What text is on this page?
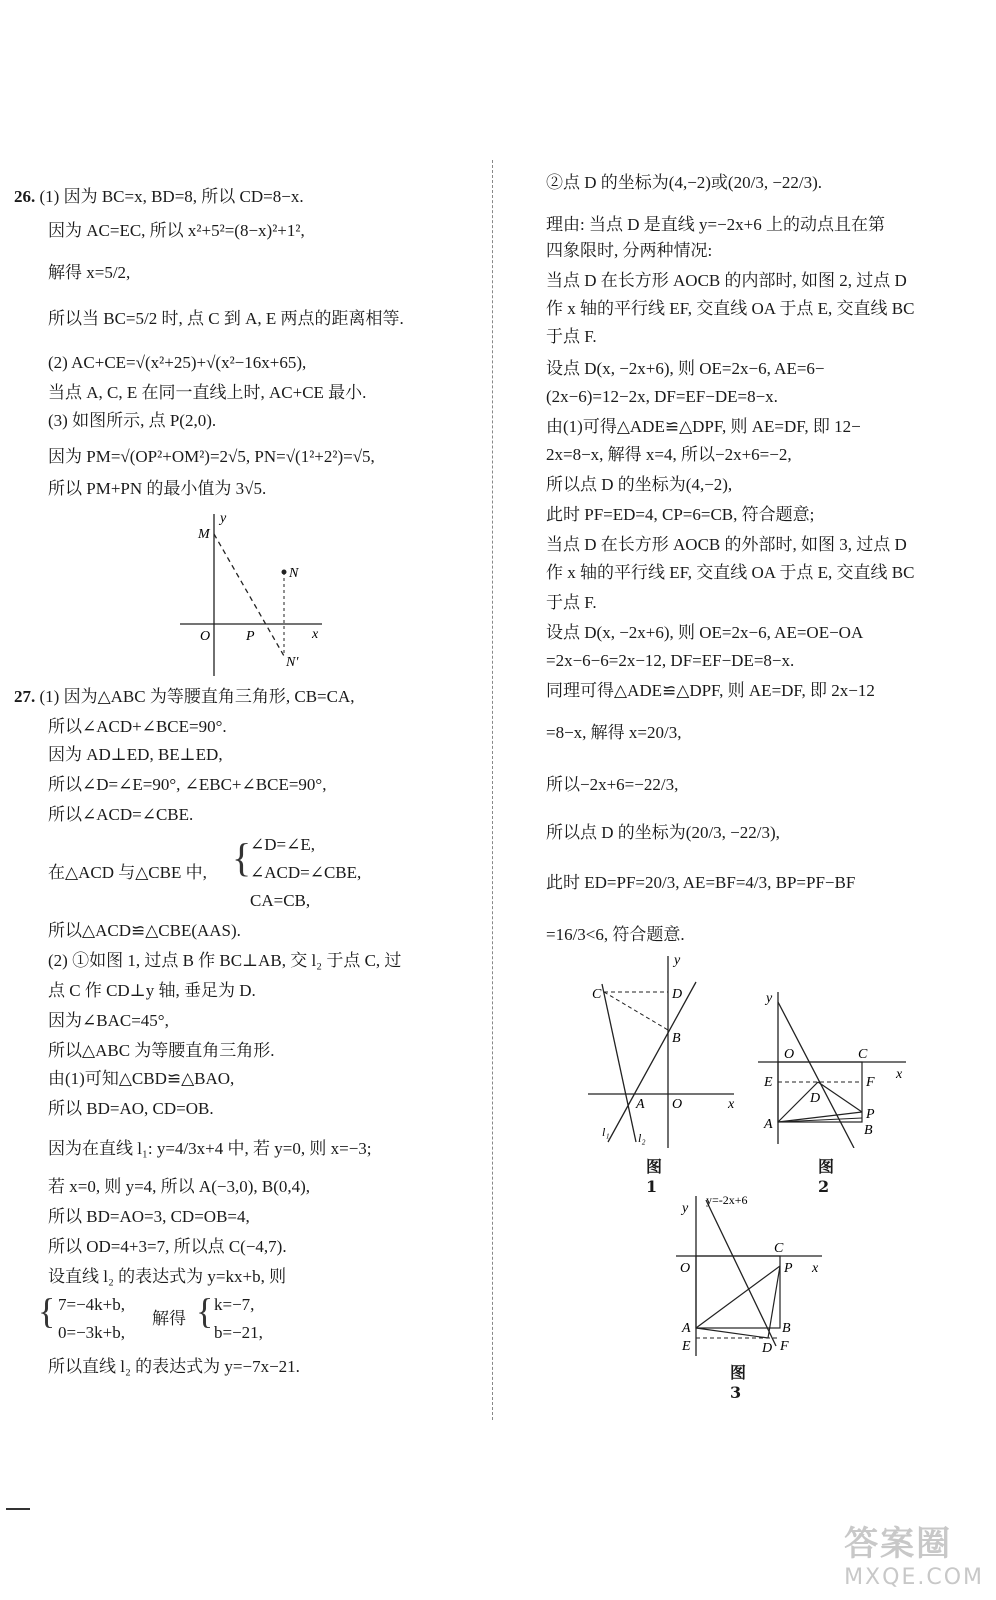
26. (1) 因为 BC=x, BD=8, 所以 CD=8−x.
因为 AC=EC, 所以 x²+5²=(8−x)²+1²,
解得 x=5/2,
所以当 BC=5/2 时, 点 C 到 A, E 两点的距离相等.
(2) AC+CE=√(x²+25)+√(x²−16x+65),
当点 A, C, E 在同一直线上时, AC+CE 最小.
(3) 如图所示, 点 P(2,0).
因为 PM=√(OP²+OM²)=2√5, PN=√(1²+2²)=√5,
所以 PM+PN 的最小值为 3√5.
M
y
N
O	P	x
N′
27. (1) 因为△ABC 为等腰直角三角形, CB=CA,
所以∠ACD+∠BCE=90°.
因为 AD⊥ED, BE⊥ED,
所以∠D=∠E=90°, ∠EBC+∠BCE=90°,
所以∠ACD=∠CBE.
在△ACD 与△CBE 中, {
∠D=∠E,
∠ACD=∠CBE,
CA=CB,
所以△ACD≌△CBE(AAS).
(2) ①如图 1, 过点 B 作 BC⊥AB, 交 l₂ 于点 C, 过
点 C 作 CD⊥y 轴, 垂足为 D.
因为∠BAC=45°,
所以△ABC 为等腰直角三角形.
由(1)可知△CBD≌△BAO,
所以 BD=AO, CD=OB.
因为在直线 l₁: y=4/3x+4 中, 若 y=0, 则 x=−3;
若 x=0, 则 y=4, 所以 A(−3,0), B(0,4),
所以 BD=AO=3, CD=OB=4,
所以 OD=4+3=7, 所以点 C(−4,7).
设直线 l₂ 的表达式为 y=kx+b, 则
{ 7=−4k+b,
0=−3k+b,
解得 { k=−7,
b=−21,
所以直线 l₂ 的表达式为 y=−7x−21.
②点 D 的坐标为(4,−2)或(20/3, −22/3).
理由: 当点 D 是直线 y=−2x+6 上的动点且在第
四象限时, 分两种情况:
当点 D 在长方形 AOCB 的内部时, 如图 2, 过点 D
作 x 轴的平行线 EF, 交直线 OA 于点 E, 交直线 BC
于点 F.
设点 D(x, −2x+6), 则 OE=2x−6, AE=6−
(2x−6)=12−2x, DF=EF−DE=8−x.
由(1)可得△ADE≌△DPF, 则 AE=DF, 即 12−
2x=8−x, 解得 x=4, 所以−2x+6=−2,
所以点 D 的坐标为(4,−2),
此时 PF=ED=4, CP=6=CB, 符合题意;
当点 D 在长方形 AOCB 的外部时, 如图 3, 过点 D
作 x 轴的平行线 EF, 交直线 OA 于点 E, 交直线 BC
于点 F.
设点 D(x, −2x+6), 则 OE=2x−6, AE=OE−OA
=2x−6−6=2x−12, DF=EF−DE=8−x.
同理可得△ADE≌△DPF, 则 AE=DF, 即 2x−12
=8−x, 解得 x=20/3,
所以−2x+6=−22/3,
所以点 D 的坐标为(20/3, −22/3),
此时 ED=PF=20/3, AE=BF=4/3, BP=PF−BF
=16/3<6, 符合题意.
y
C	D
B
A O	x
l₁ l₂
图 1
y
O	C
x
E	F
D
A
P
B
图 2
y=-2x+6
y
O
C
x
P
A	B
E	D F
图 3
答案圈
MXQE.COM
